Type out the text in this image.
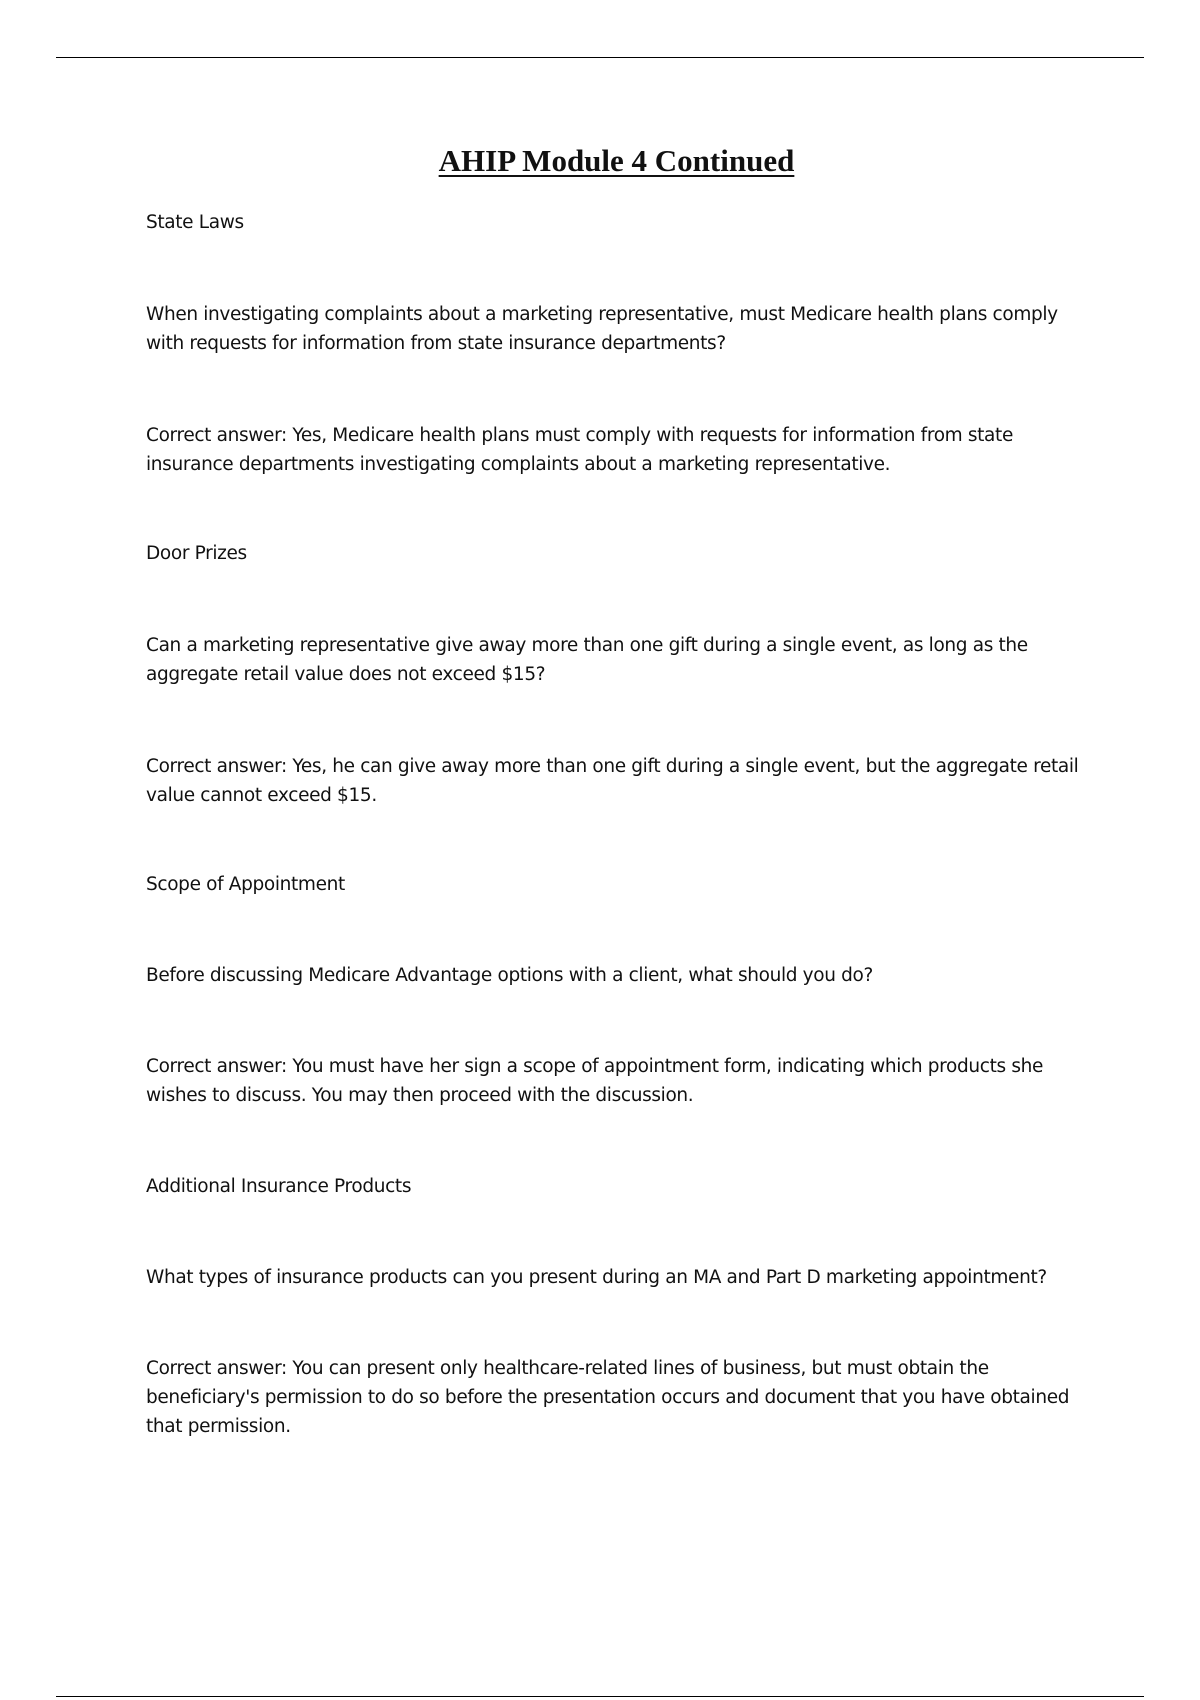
AHIP Module 4 Continued

State Laws

When investigating complaints about a marketing representative, must Medicare health plans comply with requests for information from state insurance departments?

Correct answer: Yes, Medicare health plans must comply with requests for information from state insurance departments investigating complaints about a marketing representative.

Door Prizes

Can a marketing representative give away more than one gift during a single event, as long as the aggregate retail value does not exceed $15?

Correct answer: Yes, he can give away more than one gift during a single event, but the aggregate retail value cannot exceed $15.

Scope of Appointment

Before discussing Medicare Advantage options with a client, what should you do?

Correct answer: You must have her sign a scope of appointment form, indicating which products she wishes to discuss. You may then proceed with the discussion.

Additional Insurance Products

What types of insurance products can you present during an MA and Part D marketing appointment?

Correct answer: You can present only healthcare-related lines of business, but must obtain the beneficiary's permission to do so before the presentation occurs and document that you have obtained that permission.
